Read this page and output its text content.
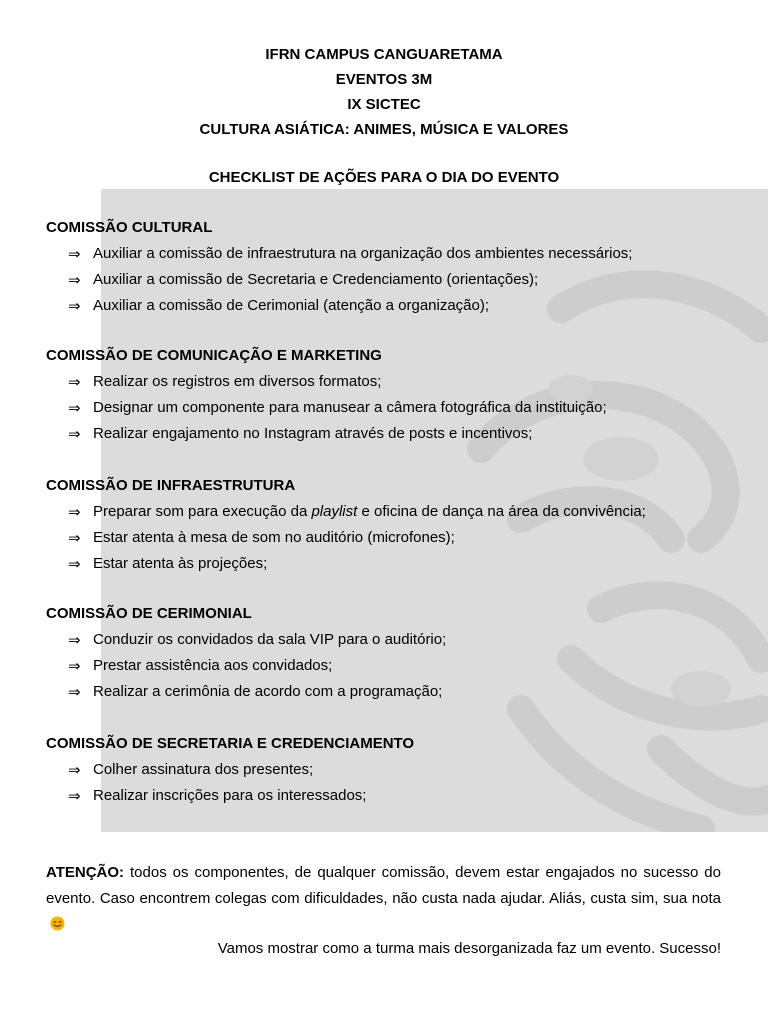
IFRN CAMPUS CANGUARETAMA
EVENTOS 3M
IX SICTEC
CULTURA ASIÁTICA: ANIMES, MÚSICA E VALORES
CHECKLIST DE AÇÕES PARA O DIA DO EVENTO
COMISSÃO CULTURAL
⇒ Auxiliar a comissão de infraestrutura na organização dos ambientes necessários;
⇒ Auxiliar a comissão de Secretaria e Credenciamento (orientações);
⇒ Auxiliar a comissão de Cerimonial (atenção a organização);
COMISSÃO DE COMUNICAÇÃO E MARKETING
⇒ Realizar os registros em diversos formatos;
⇒ Designar um componente para manusear a câmera fotográfica da instituição;
⇒ Realizar engajamento no Instagram através de posts e incentivos;
COMISSÃO DE INFRAESTRUTURA
⇒ Preparar som para execução da playlist e oficina de dança na área da convivência;
⇒ Estar atenta à mesa de som no auditório (microfones);
⇒ Estar atenta às projeções;
COMISSÃO DE CERIMONIAL
⇒ Conduzir os convidados da sala VIP para o auditório;
⇒ Prestar assistência aos convidados;
⇒ Realizar a cerimônia de acordo com a programação;
COMISSÃO DE SECRETARIA E CREDENCIAMENTO
⇒ Colher assinatura dos presentes;
⇒ Realizar inscrições para os interessados;
ATENÇÃO: todos os componentes, de qualquer comissão, devem estar engajados no sucesso do evento. Caso encontrem colegas com dificuldades, não custa nada ajudar. Aliás, custa sim, sua nota
Vamos mostrar como a turma mais desorganizada faz um evento. Sucesso!
